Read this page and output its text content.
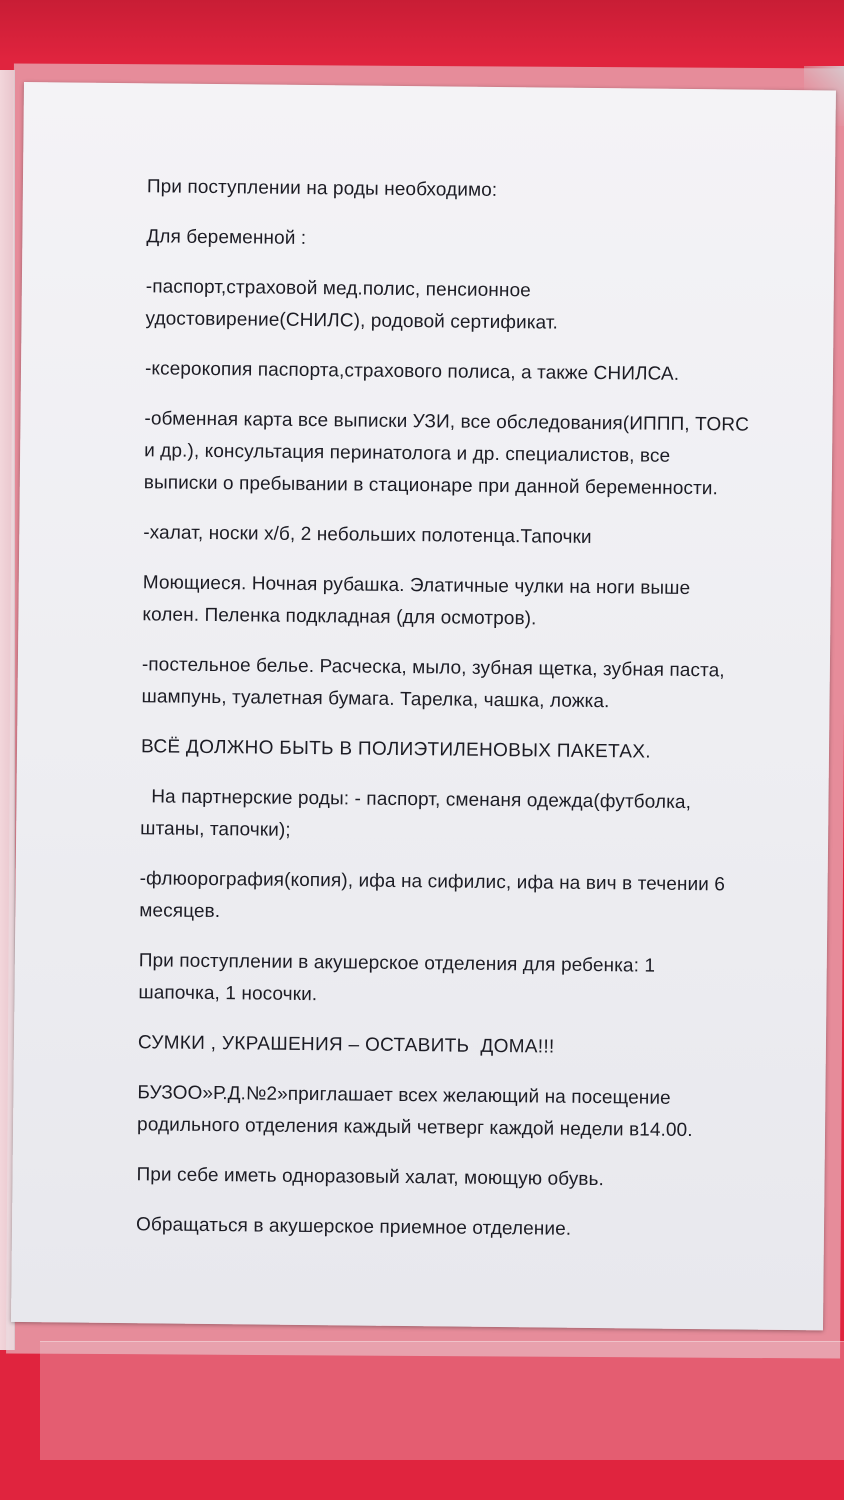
При поступлении на роды необходимо:

Для беременной :

-паспорт,страховой мед.полис, пенсионное
удостовирение(СНИЛС), родовой сертификат.

-ксерокопия паспорта,страхового полиса, а также СНИЛСА.

-обменная карта все выписки УЗИ, все обследования(ИППП, TORC
и др.), консультация перинатолога и др. специалистов, все
выписки о пребывании в стационаре при данной беременности.

-халат, носки х/б, 2 небольших полотенца.Тапочки

Моющиеся. Ночная рубашка. Элатичные чулки на ноги выше
колен. Пеленка подкладная (для осмотров).

-постельное белье. Расческа, мыло, зубная щетка, зубная паста,
шампунь, туалетная бумага. Тарелка, чашка, ложка.

ВСЁ ДОЛЖНО БЫТЬ В ПОЛИЭТИЛЕНОВЫХ ПАКЕТАХ.

На партнерские роды: - паспорт, сменаня одежда(футболка,
штаны, тапочки);

-флюорография(копия), ифа на сифилис, ифа на вич в течении 6
месяцев.

При поступлении в акушерское отделения для ребенка: 1
шапочка, 1 носочки.

СУМКИ , УКРАШЕНИЯ – ОСТАВИТЬ  ДОМА!!!

БУЗОО»Р.Д.№2»приглашает всех желающий на посещение
родильного отделения каждый четверг каждой недели в14.00.

При себе иметь одноразовый халат, моющую обувь.

Обращаться в акушерское приемное отделение.
